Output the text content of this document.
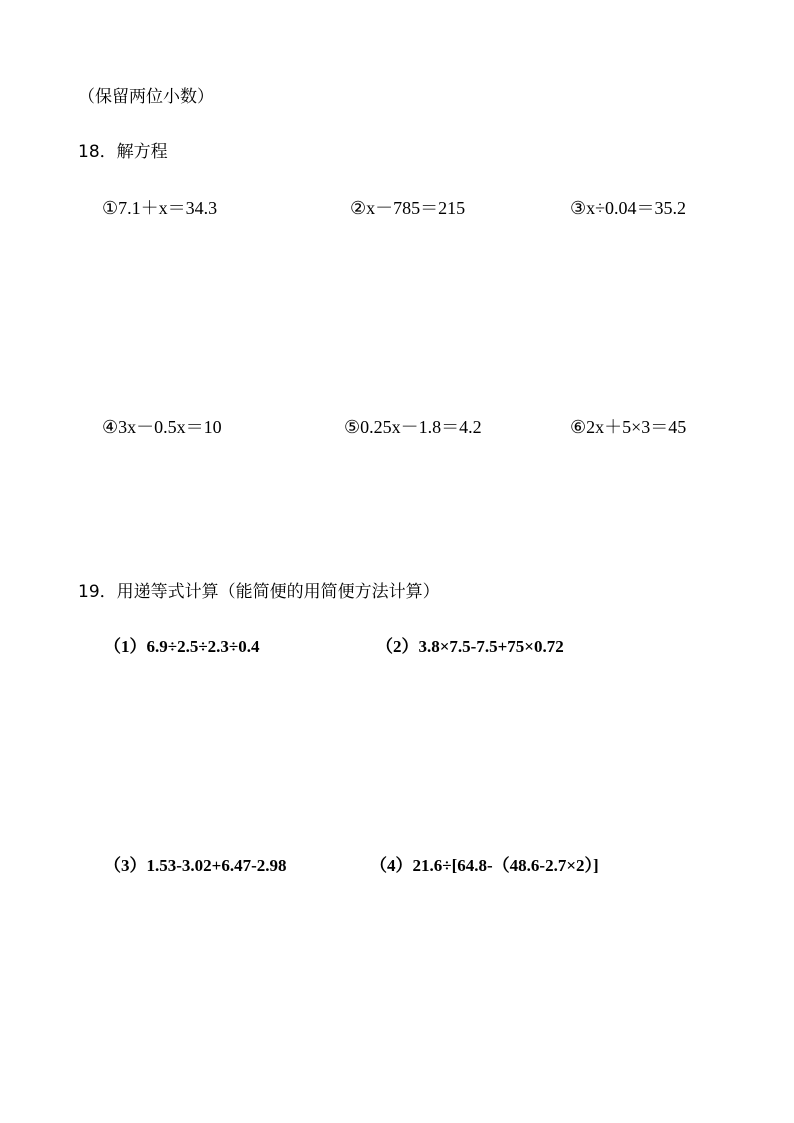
（保留两位小数）
18．解方程
①7.1＋x＝34.3	②x－785＝215	③x÷0.04＝35.2
④3x－0.5x＝10	⑤0.25x－1.8＝4.2	⑥2x＋5×3＝45
19．用递等式计算（能简便的用简便方法计算）
（1）6.9÷2.5÷2.3÷0.4	（2）3.8×7.5-7.5+75×0.72
（3）1.53-3.02+6.47-2.98	（4）21.6÷[64.8-（48.6-2.7×2）]
